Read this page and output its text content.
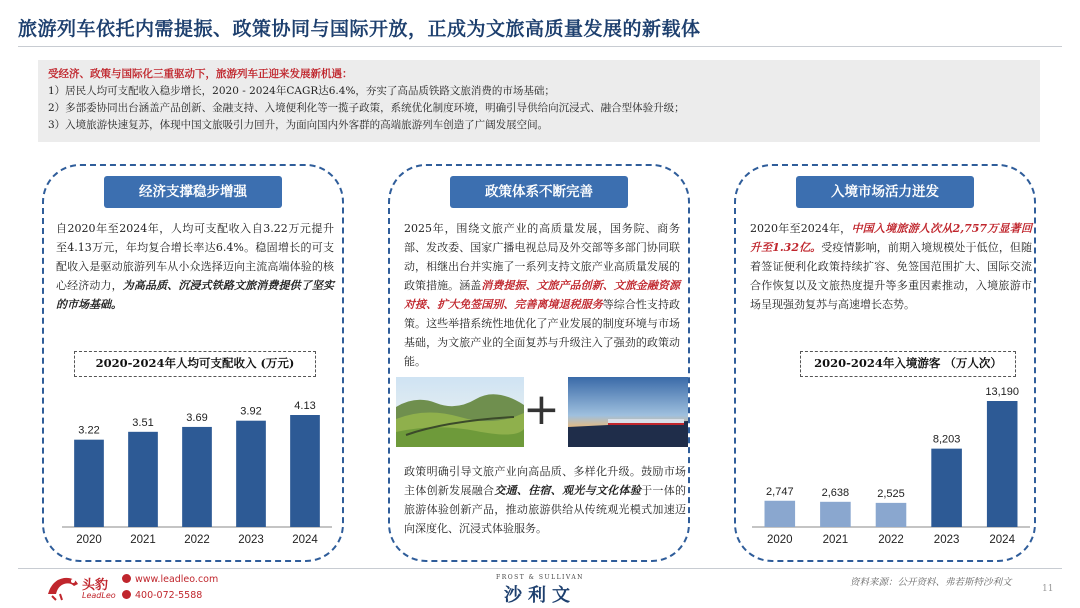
旅游列车依托内需提振、政策协同与国际开放，正成为文旅高质量发展的新载体
受经济、政策与国际化三重驱动下，旅游列车正迎来发展新机遇：
1）居民人均可支配收入稳步增长，2020 - 2024年CAGR达6.4%，夯实了高品质铁路文旅消费的市场基础；
2）多部委协同出台涵盖产品创新、金融支持、入境便利化等一揽子政策，系统优化制度环境，明确引导供给向沉浸式、融合型体验升级；
3）入境旅游快速复苏，体现中国文旅吸引力回升，为面向国内外客群的高端旅游列车创造了广阔发展空间。
经济支撑稳步增强	政策体系不断完善	入境市场活力迸发
自2020年至2024年，人均可支配收入自3.22万元提升至4.13万元，年均复合增长率达6.4%。稳固增长的可支配收入是驱动旅游列车从小众选择迈向主流高端体验的核心经济动力，为高品质、沉浸式铁路文旅消费提供了坚实的市场基础。
2020-2024年人均可支配收入 (万元)
3.22
2020
3.51
2021
3.69
2022
3.92
2023
4.13
2024
2025年，围绕文旅产业的高质量发展，国务院、商务部、发改委、国家广播电视总局及外交部等多部门协同联动，相继出台并实施了一系列支持文旅产业高质量发展的政策措施。涵盖消费提振、文旅产品创新、文旅金融资源对接、扩大免签国别、完善离境退税服务等综合性支持政策。这些举措系统性地优化了产业发展的制度环境与市场基础，为文旅产业的全面复苏与升级注入了强劲的政策动能。
+
政策明确引导文旅产业向高品质、多样化升级。鼓励市场主体创新发展融合交通、住宿、观光与文化体验于一体的旅游体验创新产品，推动旅游供给从传统观光模式加速迈向深度化、沉浸式体验服务。
2020年至2024年，中国入境旅游人次从2,757万显著回升至1.32亿。受疫情影响，前期入境规模处于低位，但随着签证便利化政策持续扩容、免签国范围扩大、国际交流合作恢复以及文旅热度提升等多重因素推动，入境旅游市场呈现强劲复苏与高速增长态势。
2020-2024年入境游客 （万人次）
2,747
2020
2,638
2021
2,525
2022
8,203
2023
13,190
2024
头豹
LeadLeo
www.leadleo.com
400-072-5588
FROST & SULLIVAN
沙利文
资料来源：公开资料、弗若斯特沙利文
11
